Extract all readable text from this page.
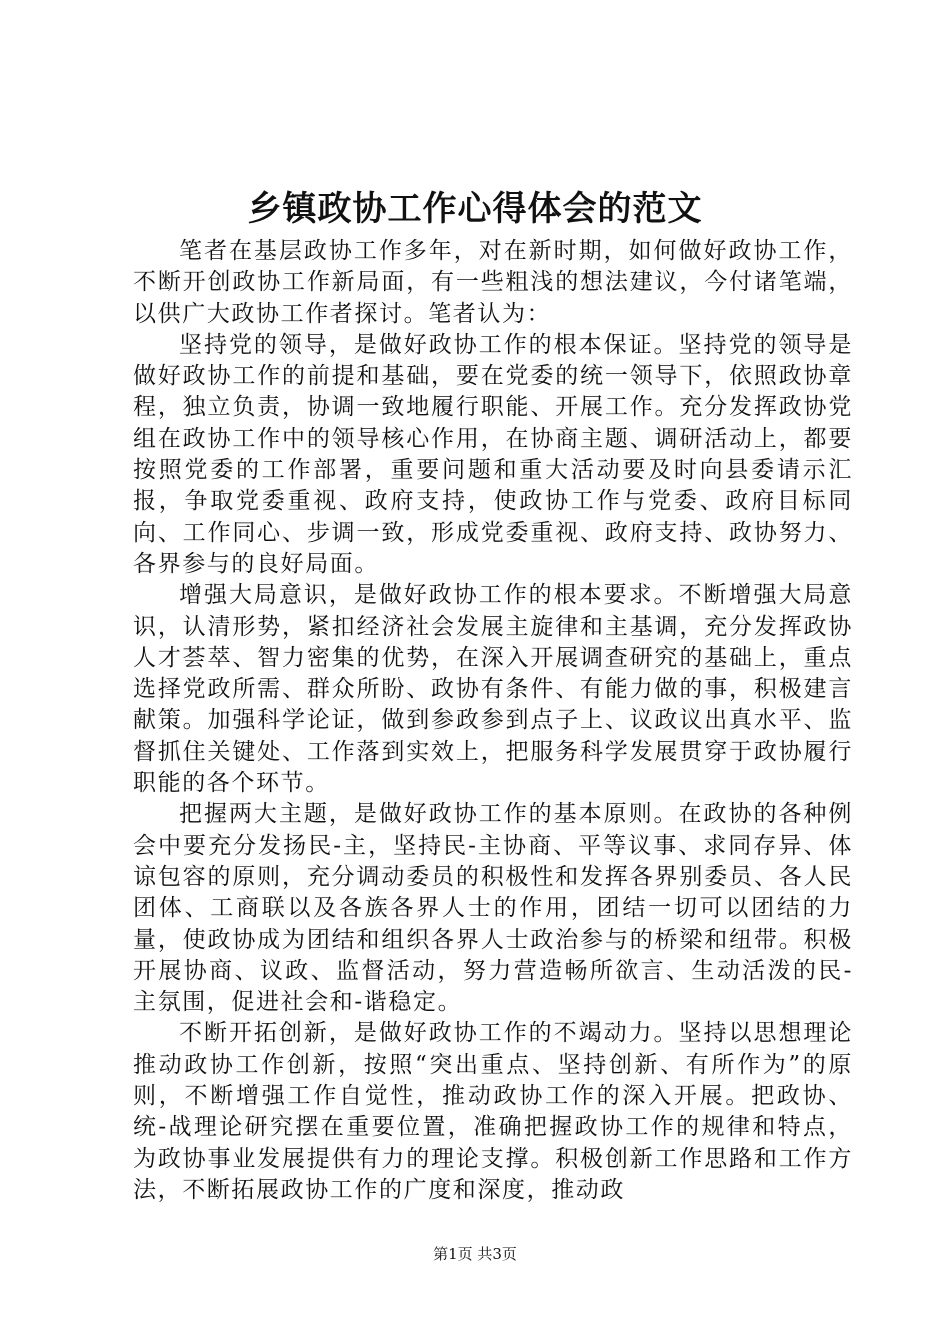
乡镇政协工作心得体会的范文

笔者在基层政协工作多年，对在新时期，如何做好政协工作，不断开创政协工作新局面，有一些粗浅的想法建议，今付诸笔端，以供广大政协工作者探讨。笔者认为：

坚持党的领导，是做好政协工作的根本保证。坚持党的领导是做好政协工作的前提和基础，要在党委的统一领导下，依照政协章程，独立负责，协调一致地履行职能、开展工作。充分发挥政协党组在政协工作中的领导核心作用，在协商主题、调研活动上，都要按照党委的工作部署，重要问题和重大活动要及时向县委请示汇报，争取党委重视、政府支持，使政协工作与党委、政府目标同向、工作同心、步调一致，形成党委重视、政府支持、政协努力、各界参与的良好局面。

增强大局意识，是做好政协工作的根本要求。不断增强大局意识，认清形势，紧扣经济社会发展主旋律和主基调，充分发挥政协人才荟萃、智力密集的优势，在深入开展调查研究的基础上，重点选择党政所需、群众所盼、政协有条件、有能力做的事，积极建言献策。加强科学论证，做到参政参到点子上、议政议出真水平、监督抓住关键处、工作落到实效上，把服务科学发展贯穿于政协履行职能的各个环节。

把握两大主题，是做好政协工作的基本原则。在政协的各种例会中要充分发扬民-主，坚持民-主协商、平等议事、求同存异、体谅包容的原则，充分调动委员的积极性和发挥各界别委员、各人民团体、工商联以及各族各界人士的作用，团结一切可以团结的力量，使政协成为团结和组织各界人士政治参与的桥梁和纽带。积极开展协商、议政、监督活动，努力营造畅所欲言、生动活泼的民-主氛围，促进社会和-谐稳定。

不断开拓创新，是做好政协工作的不竭动力。坚持以思想理论推动政协工作创新，按照“突出重点、坚持创新、有所作为”的原则，不断增强工作自觉性，推动政协工作的深入开展。把政协、统-战理论研究摆在重要位置，准确把握政协工作的规律和特点，为政协事业发展提供有力的理论支撑。积极创新工作思路和工作方法，不断拓展政协工作的广度和深度，推动政

第1页 共3页
